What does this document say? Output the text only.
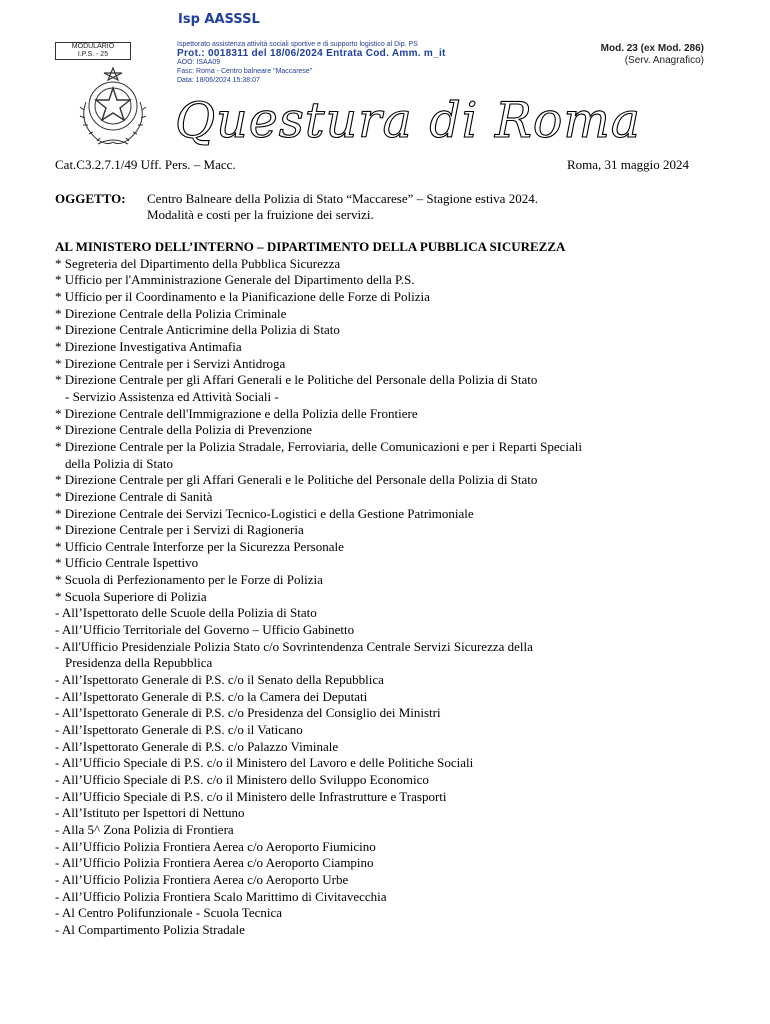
MODULARIO
I.P.S. - 25
Isp AASSSL
Ispettorato assistenza attività sociali sportive e di supporto logistico al Dip. PS
Prot.: 0018311 del 18/06/2024 Entrata Cod. Amm. m_it
AOO: ISAA09
Fasc: Roma - Centro balneare "Maccarese"
Data: 18/06/2024 15:38:07
Mod. 23 (ex Mod. 286)
(Serv. Anagrafico)
Questura di Roma
Cat.C3.2.7.1/49 Uff. Pers. – Macc.	Roma, 31 maggio 2024
OGGETTO: Centro Balneare della Polizia di Stato “Maccarese” – Stagione estiva 2024.
Modalità e costi per la fruizione dei servizi.
AL MINISTERO DELL’INTERNO – DIPARTIMENTO DELLA PUBBLICA SICUREZZA
* Segreteria del Dipartimento della Pubblica Sicurezza
* Ufficio per l'Amministrazione Generale del Dipartimento della P.S.
* Ufficio per il Coordinamento e la Pianificazione delle Forze di Polizia
* Direzione Centrale della Polizia Criminale
* Direzione Centrale Anticrimine della Polizia di Stato
* Direzione Investigativa Antimafia
* Direzione Centrale per i Servizi Antidroga
* Direzione Centrale per gli Affari Generali e le Politiche del Personale della Polizia di Stato
- Servizio Assistenza ed Attività Sociali -
* Direzione Centrale dell'Immigrazione e della Polizia delle Frontiere
* Direzione Centrale della Polizia di Prevenzione
* Direzione Centrale per la Polizia Stradale, Ferroviaria, delle Comunicazioni e per i Reparti Speciali
della Polizia di Stato
* Direzione Centrale per gli Affari Generali e le Politiche del Personale della Polizia di Stato
* Direzione Centrale di Sanità
* Direzione Centrale dei Servizi Tecnico-Logistici e della Gestione Patrimoniale
* Direzione Centrale per i Servizi di Ragioneria
* Ufficio Centrale Interforze per la Sicurezza Personale
* Ufficio Centrale Ispettivo
* Scuola di Perfezionamento per le Forze di Polizia
* Scuola Superiore di Polizia
- All’Ispettorato delle Scuole della Polizia di Stato
- All’Ufficio Territoriale del Governo – Ufficio Gabinetto
- All'Ufficio Presidenziale Polizia Stato c/o Sovrintendenza Centrale Servizi Sicurezza della
Presidenza della Repubblica
- All’Ispettorato Generale di P.S. c/o il Senato della Repubblica
- All’Ispettorato Generale di P.S. c/o la Camera dei Deputati
- All’Ispettorato Generale di P.S. c/o Presidenza del Consiglio dei Ministri
- All’Ispettorato Generale di P.S. c/o il Vaticano
- All’Ispettorato Generale di P.S. c/o Palazzo Viminale
- All’Ufficio Speciale di P.S. c/o il Ministero del Lavoro e delle Politiche Sociali
- All’Ufficio Speciale di P.S. c/o il Ministero dello Sviluppo Economico
- All’Ufficio Speciale di P.S. c/o il Ministero delle Infrastrutture e Trasporti
- All’Istituto per Ispettori di Nettuno
- Alla 5^ Zona Polizia di Frontiera
- All’Ufficio Polizia Frontiera Aerea c/o Aeroporto Fiumicino
- All’Ufficio Polizia Frontiera Aerea c/o Aeroporto Ciampino
- All’Ufficio Polizia Frontiera Aerea c/o Aeroporto Urbe
- All’Ufficio Polizia Frontiera Scalo Marittimo di Civitavecchia
- Al Centro Polifunzionale - Scuola Tecnica
- Al Compartimento Polizia Stradale
